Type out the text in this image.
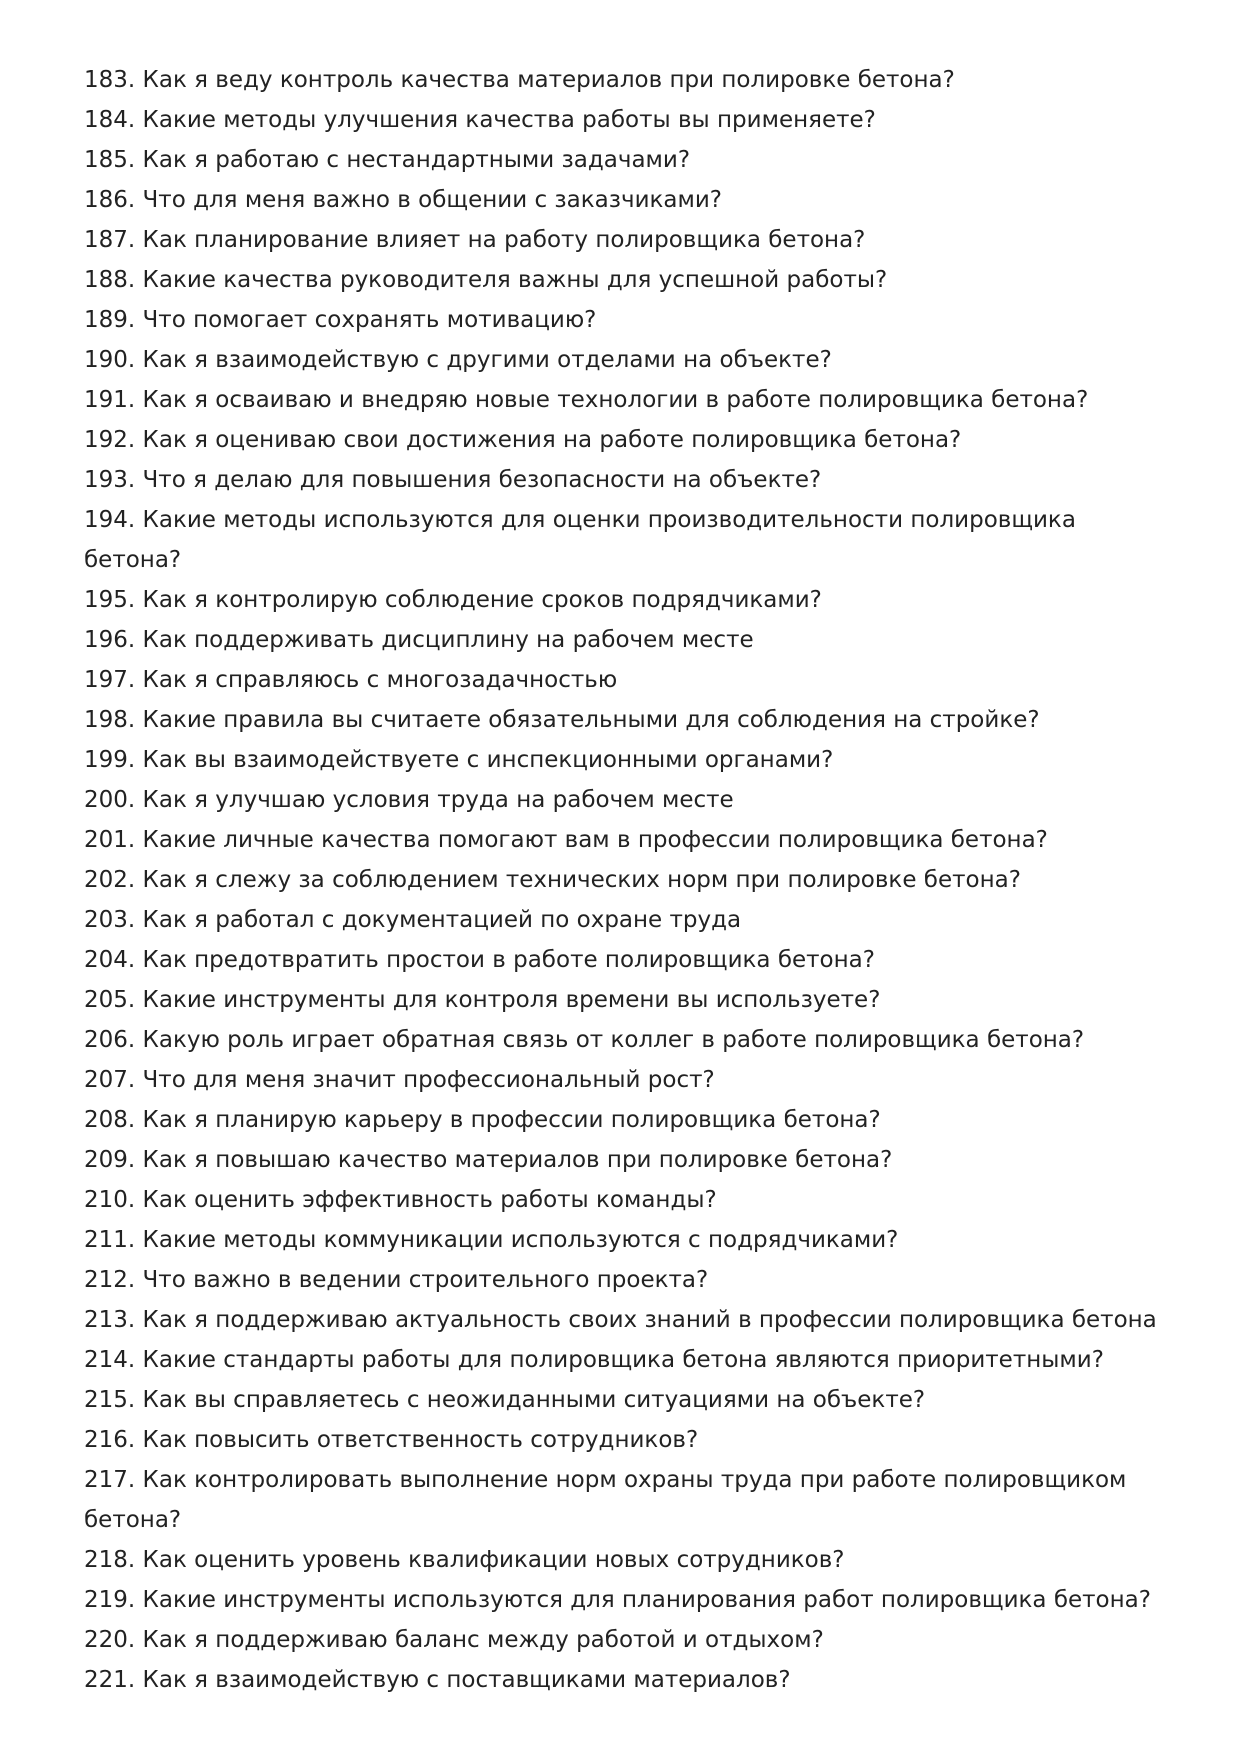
183. Как я веду контроль качества материалов при полировке бетона?

184. Какие методы улучшения качества работы вы применяете?

185. Как я работаю с нестандартными задачами?

186. Что для меня важно в общении с заказчиками?

187. Как планирование влияет на работу полировщика бетона?

188. Какие качества руководителя важны для успешной работы?

189. Что помогает сохранять мотивацию?

190. Как я взаимодействую с другими отделами на объекте?

191. Как я осваиваю и внедряю новые технологии в работе полировщика бетона?

192. Как я оцениваю свои достижения на работе полировщика бетона?

193. Что я делаю для повышения безопасности на объекте?

194. Какие методы используются для оценки производительности полировщика бетона?

195. Как я контролирую соблюдение сроков подрядчиками?

196. Как поддерживать дисциплину на рабочем месте

197. Как я справляюсь с многозадачностью

198. Какие правила вы считаете обязательными для соблюдения на стройке?

199. Как вы взаимодействуете с инспекционными органами?

200. Как я улучшаю условия труда на рабочем месте

201. Какие личные качества помогают вам в профессии полировщика бетона?

202. Как я слежу за соблюдением технических норм при полировке бетона?

203. Как я работал с документацией по охране труда

204. Как предотвратить простои в работе полировщика бетона?

205. Какие инструменты для контроля времени вы используете?

206. Какую роль играет обратная связь от коллег в работе полировщика бетона?

207. Что для меня значит профессиональный рост?

208. Как я планирую карьеру в профессии полировщика бетона?

209. Как я повышаю качество материалов при полировке бетона?

210. Как оценить эффективность работы команды?

211. Какие методы коммуникации используются с подрядчиками?

212. Что важно в ведении строительного проекта?

213. Как я поддерживаю актуальность своих знаний в профессии полировщика бетона

214. Какие стандарты работы для полировщика бетона являются приоритетными?

215. Как вы справляетесь с неожиданными ситуациями на объекте?

216. Как повысить ответственность сотрудников?

217. Как контролировать выполнение норм охраны труда при работе полировщиком бетона?

218. Как оценить уровень квалификации новых сотрудников?

219. Какие инструменты используются для планирования работ полировщика бетона?

220. Как я поддерживаю баланс между работой и отдыхом?

221. Как я взаимодействую с поставщиками материалов?
